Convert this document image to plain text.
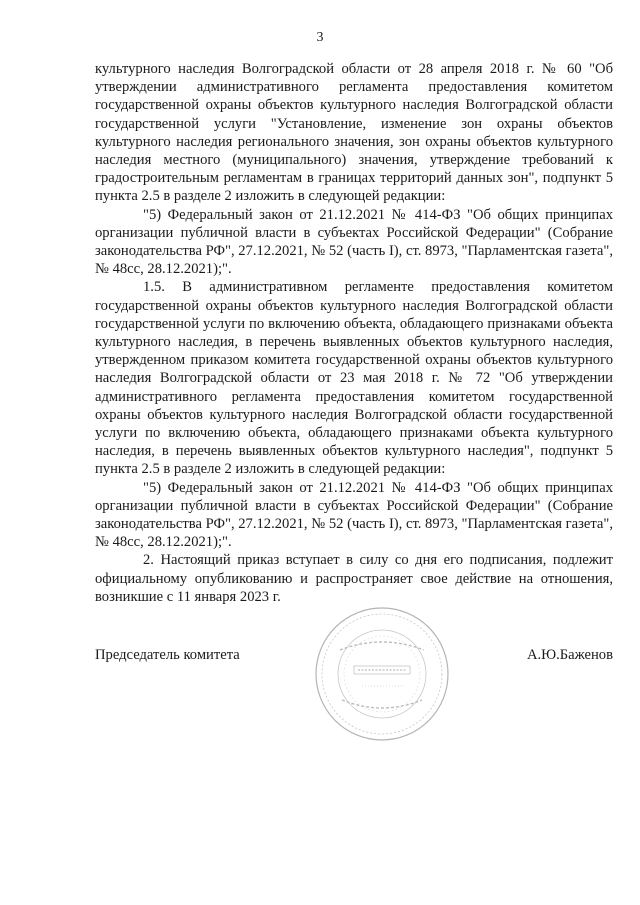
3

культурного наследия Волгоградской области от 28 апреля 2018 г. № 60 "Об утверждении административного регламента предоставления комитетом государственной охраны объектов культурного наследия Волгоградской области государственной услуги "Установление, изменение зон охраны объектов культурного наследия регионального значения, зон охраны объектов культурного наследия местного (муниципального) значения, утверждение требований к градостроительным регламентам в границах территорий данных зон", подпункт 5 пункта 2.5 в разделе 2 изложить в следующей редакции:

"5) Федеральный закон от 21.12.2021 № 414-ФЗ "Об общих принципах организации публичной власти в субъектах Российской Федерации" (Собрание законодательства РФ", 27.12.2021, № 52 (часть I), ст. 8973, "Парламентская газета", № 48сс, 28.12.2021);".

1.5. В административном регламенте предоставления комитетом государственной охраны объектов культурного наследия Волгоградской области государственной услуги по включению объекта, обладающего признаками объекта культурного наследия, в перечень выявленных объектов культурного наследия, утвержденном приказом комитета государственной охраны объектов культурного наследия Волгоградской области от 23 мая 2018 г. № 72 "Об утверждении административного регламента предоставления комитетом государственной охраны объектов культурного наследия Волгоградской области государственной услуги по включению объекта, обладающего признаками объекта культурного наследия, в перечень выявленных объектов культурного наследия", подпункт 5 пункта 2.5 в разделе 2 изложить в следующей редакции:

"5) Федеральный закон от 21.12.2021 № 414-ФЗ "Об общих принципах организации публичной власти в субъектах Российской Федерации" (Собрание законодательства РФ", 27.12.2021, № 52 (часть I), ст. 8973, "Парламентская газета", № 48сс, 28.12.2021);".

2. Настоящий приказ вступает в силу со дня его подписания, подлежит официальному опубликованию и распространяет свое действие на отношения, возникшие с 11 января 2023 г.

Председатель комитета	А.Ю.Баженов
